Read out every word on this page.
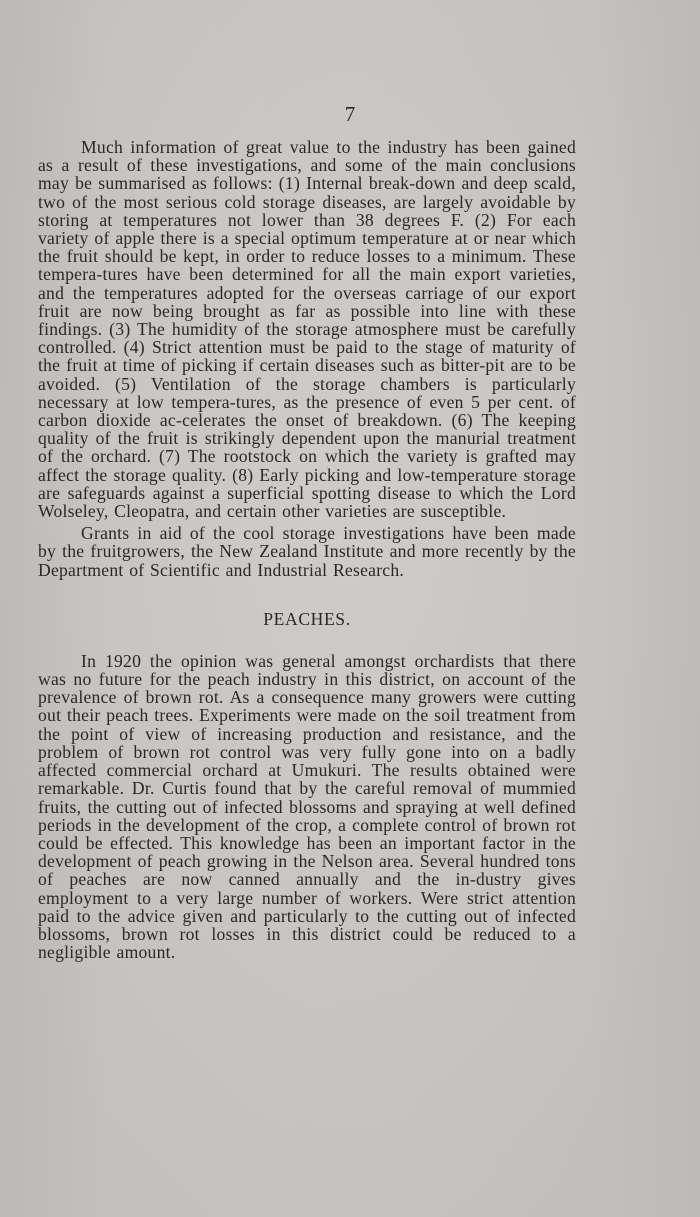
7

Much information of great value to the industry has been gained as a result of these investigations, and some of the main conclusions may be summarised as follows: (1) Internal break-down and deep scald, two of the most serious cold storage diseases, are largely avoidable by storing at temperatures not lower than 38 degrees F. (2) For each variety of apple there is a special optimum temperature at or near which the fruit should be kept, in order to reduce losses to a minimum. These tempera-tures have been determined for all the main export varieties, and the temperatures adopted for the overseas carriage of our export fruit are now being brought as far as possible into line with these findings. (3) The humidity of the storage atmosphere must be carefully controlled. (4) Strict attention must be paid to the stage of maturity of the fruit at time of picking if certain diseases such as bitter-pit are to be avoided. (5) Ventilation of the storage chambers is particularly necessary at low tempera-tures, as the presence of even 5 per cent. of carbon dioxide ac-celerates the onset of breakdown. (6) The keeping quality of the fruit is strikingly dependent upon the manurial treatment of the orchard. (7) The rootstock on which the variety is grafted may affect the storage quality. (8) Early picking and low-temperature storage are safeguards against a superficial spotting disease to which the Lord Wolseley, Cleopatra, and certain other varieties are susceptible.

Grants in aid of the cool storage investigations have been made by the fruitgrowers, the New Zealand Institute and more recently by the Department of Scientific and Industrial Research.

PEACHES.

In 1920 the opinion was general amongst orchardists that there was no future for the peach industry in this district, on account of the prevalence of brown rot. As a consequence many growers were cutting out their peach trees. Experiments were made on the soil treatment from the point of view of increasing production and resistance, and the problem of brown rot control was very fully gone into on a badly affected commercial orchard at Umukuri. The results obtained were remarkable. Dr. Curtis found that by the careful removal of mummied fruits, the cutting out of infected blossoms and spraying at well defined periods in the development of the crop, a complete control of brown rot could be effected. This knowledge has been an important factor in the development of peach growing in the Nelson area. Several hundred tons of peaches are now canned annually and the in-dustry gives employment to a very large number of workers. Were strict attention paid to the advice given and particularly to the cutting out of infected blossoms, brown rot losses in this district could be reduced to a negligible amount.
